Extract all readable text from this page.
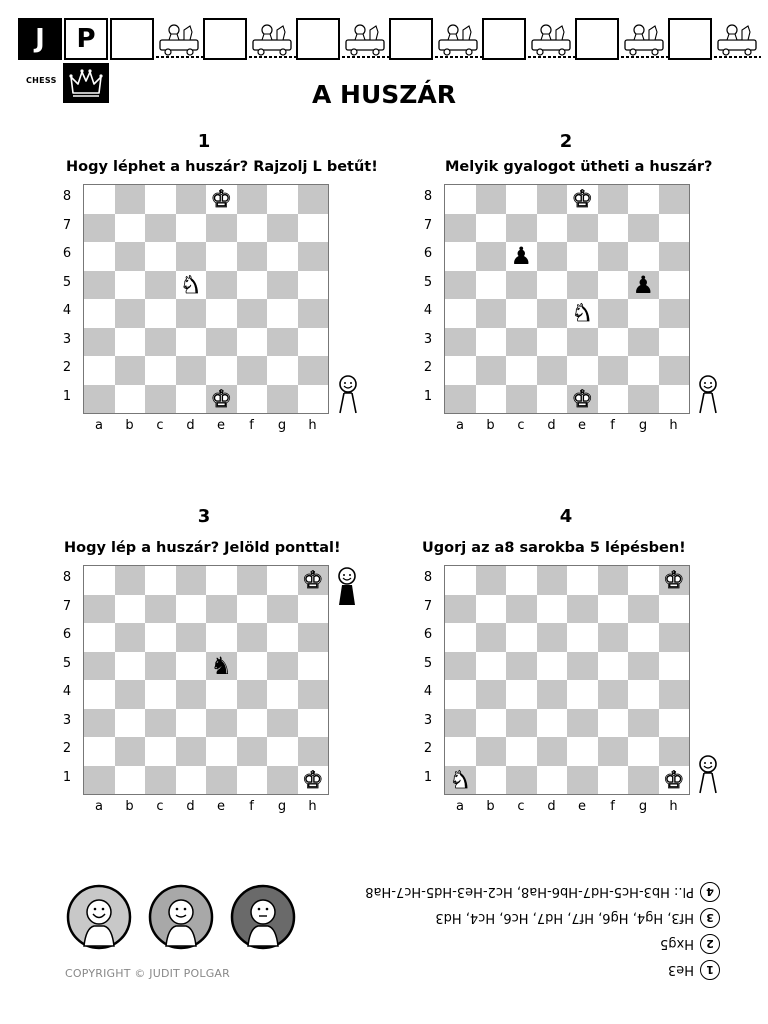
J	P
CHESS	A HUSZÁR
1
Hogy léphet a huszár? Rajzolj L betűt!
♚
♞
♚
8
7
6
5
4
3
2
1
a	b	c	d	e	f	g	h
2
Melyik gyalogot ütheti a huszár?
♚
♟
♟
♞
♚
8
7
6
5
4
3
2
1
a	b	c	d	e	f	g	h
3
Hogy lép a huszár? Jelöld ponttal!
♚
♞
♚
8
7
6
5
4
3
2
1
a	b	c	d	e	f	g	h
4
Ugorj az a8 sarokba 5 lépésben!
♚
♞	♚
8
7
6
5
4
3
2
1
a	b	c	d	e	f	g	h
COPYRIGHT © JUDIT POLGAR	1
He3
2
Hxg5
3
Hf3, Hg4, Hg6, Hf7, Hd7, Hc6, Hc4, Hd3
4
Pl.: Hb3-Hc5-Hd7-Hb6-Ha8, Hc2-He3-Hd5-Hc7-Ha8
